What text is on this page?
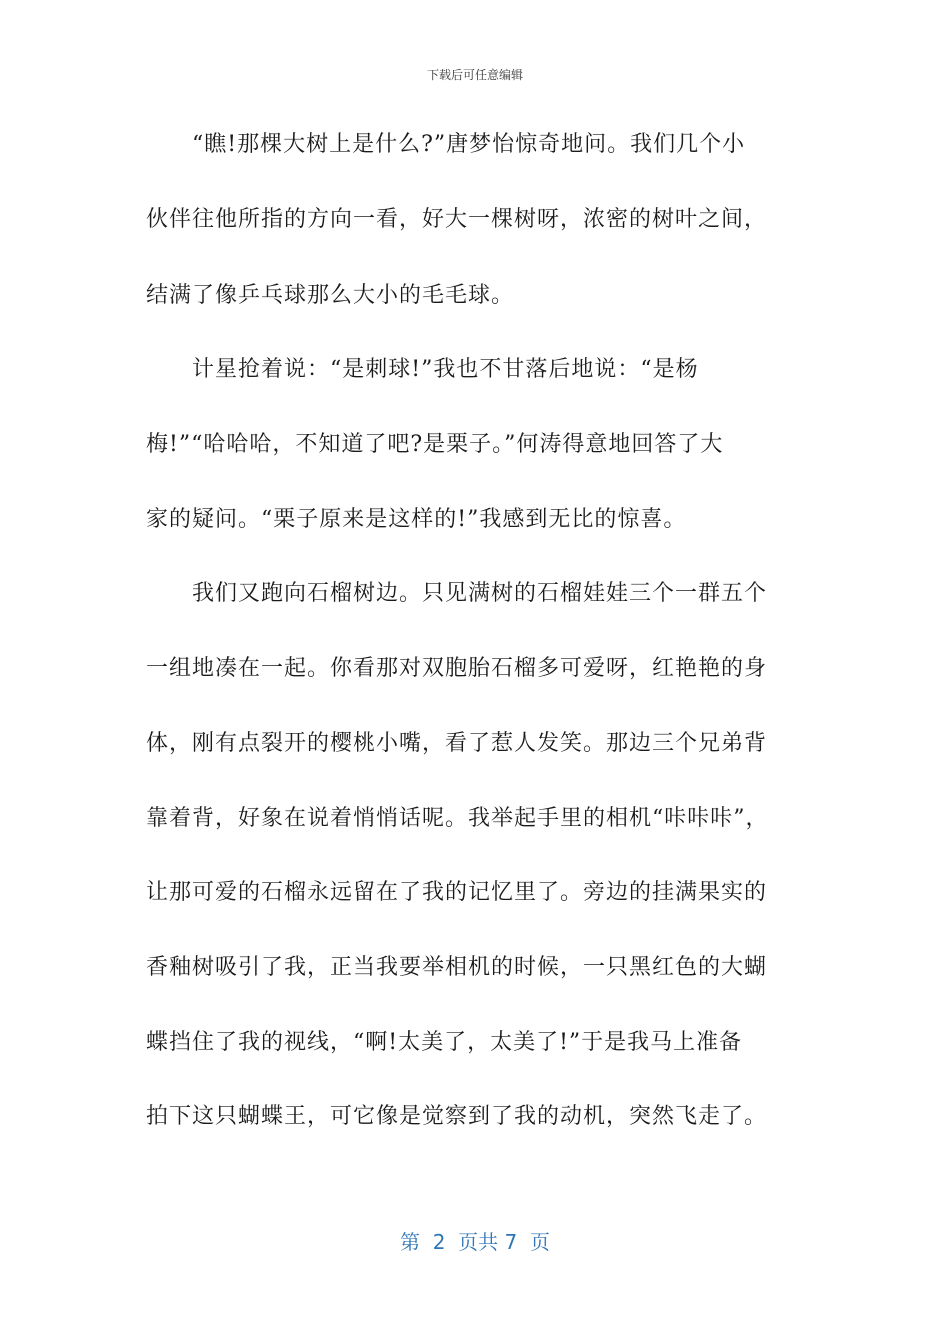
下载后可任意编辑
　　“瞧!那棵大树上是什么?”唐梦怡惊奇地问。我们几个小
伙伴往他所指的方向一看，好大一棵树呀，浓密的树叶之间，
结满了像乒乓球那么大小的毛毛球。
　　计星抢着说：“是刺球!”我也不甘落后地说：“是杨
梅!”“哈哈哈，不知道了吧?是栗子。”何涛得意地回答了大
家的疑问。“栗子原来是这样的!”我感到无比的惊喜。
　　我们又跑向石榴树边。只见满树的石榴娃娃三个一群五个
一组地凑在一起。你看那对双胞胎石榴多可爱呀，红艳艳的身
体，刚有点裂开的樱桃小嘴，看了惹人发笑。那边三个兄弟背
靠着背，好象在说着悄悄话呢。我举起手里的相机“咔咔咔”，
让那可爱的石榴永远留在了我的记忆里了。旁边的挂满果实的
香釉树吸引了我，正当我要举相机的时候，一只黑红色的大蝴
蝶挡住了我的视线，“啊!太美了，太美了!”于是我马上准备
拍下这只蝴蝶王，可它像是觉察到了我的动机，突然飞走了。
第  2  页共 7  页
